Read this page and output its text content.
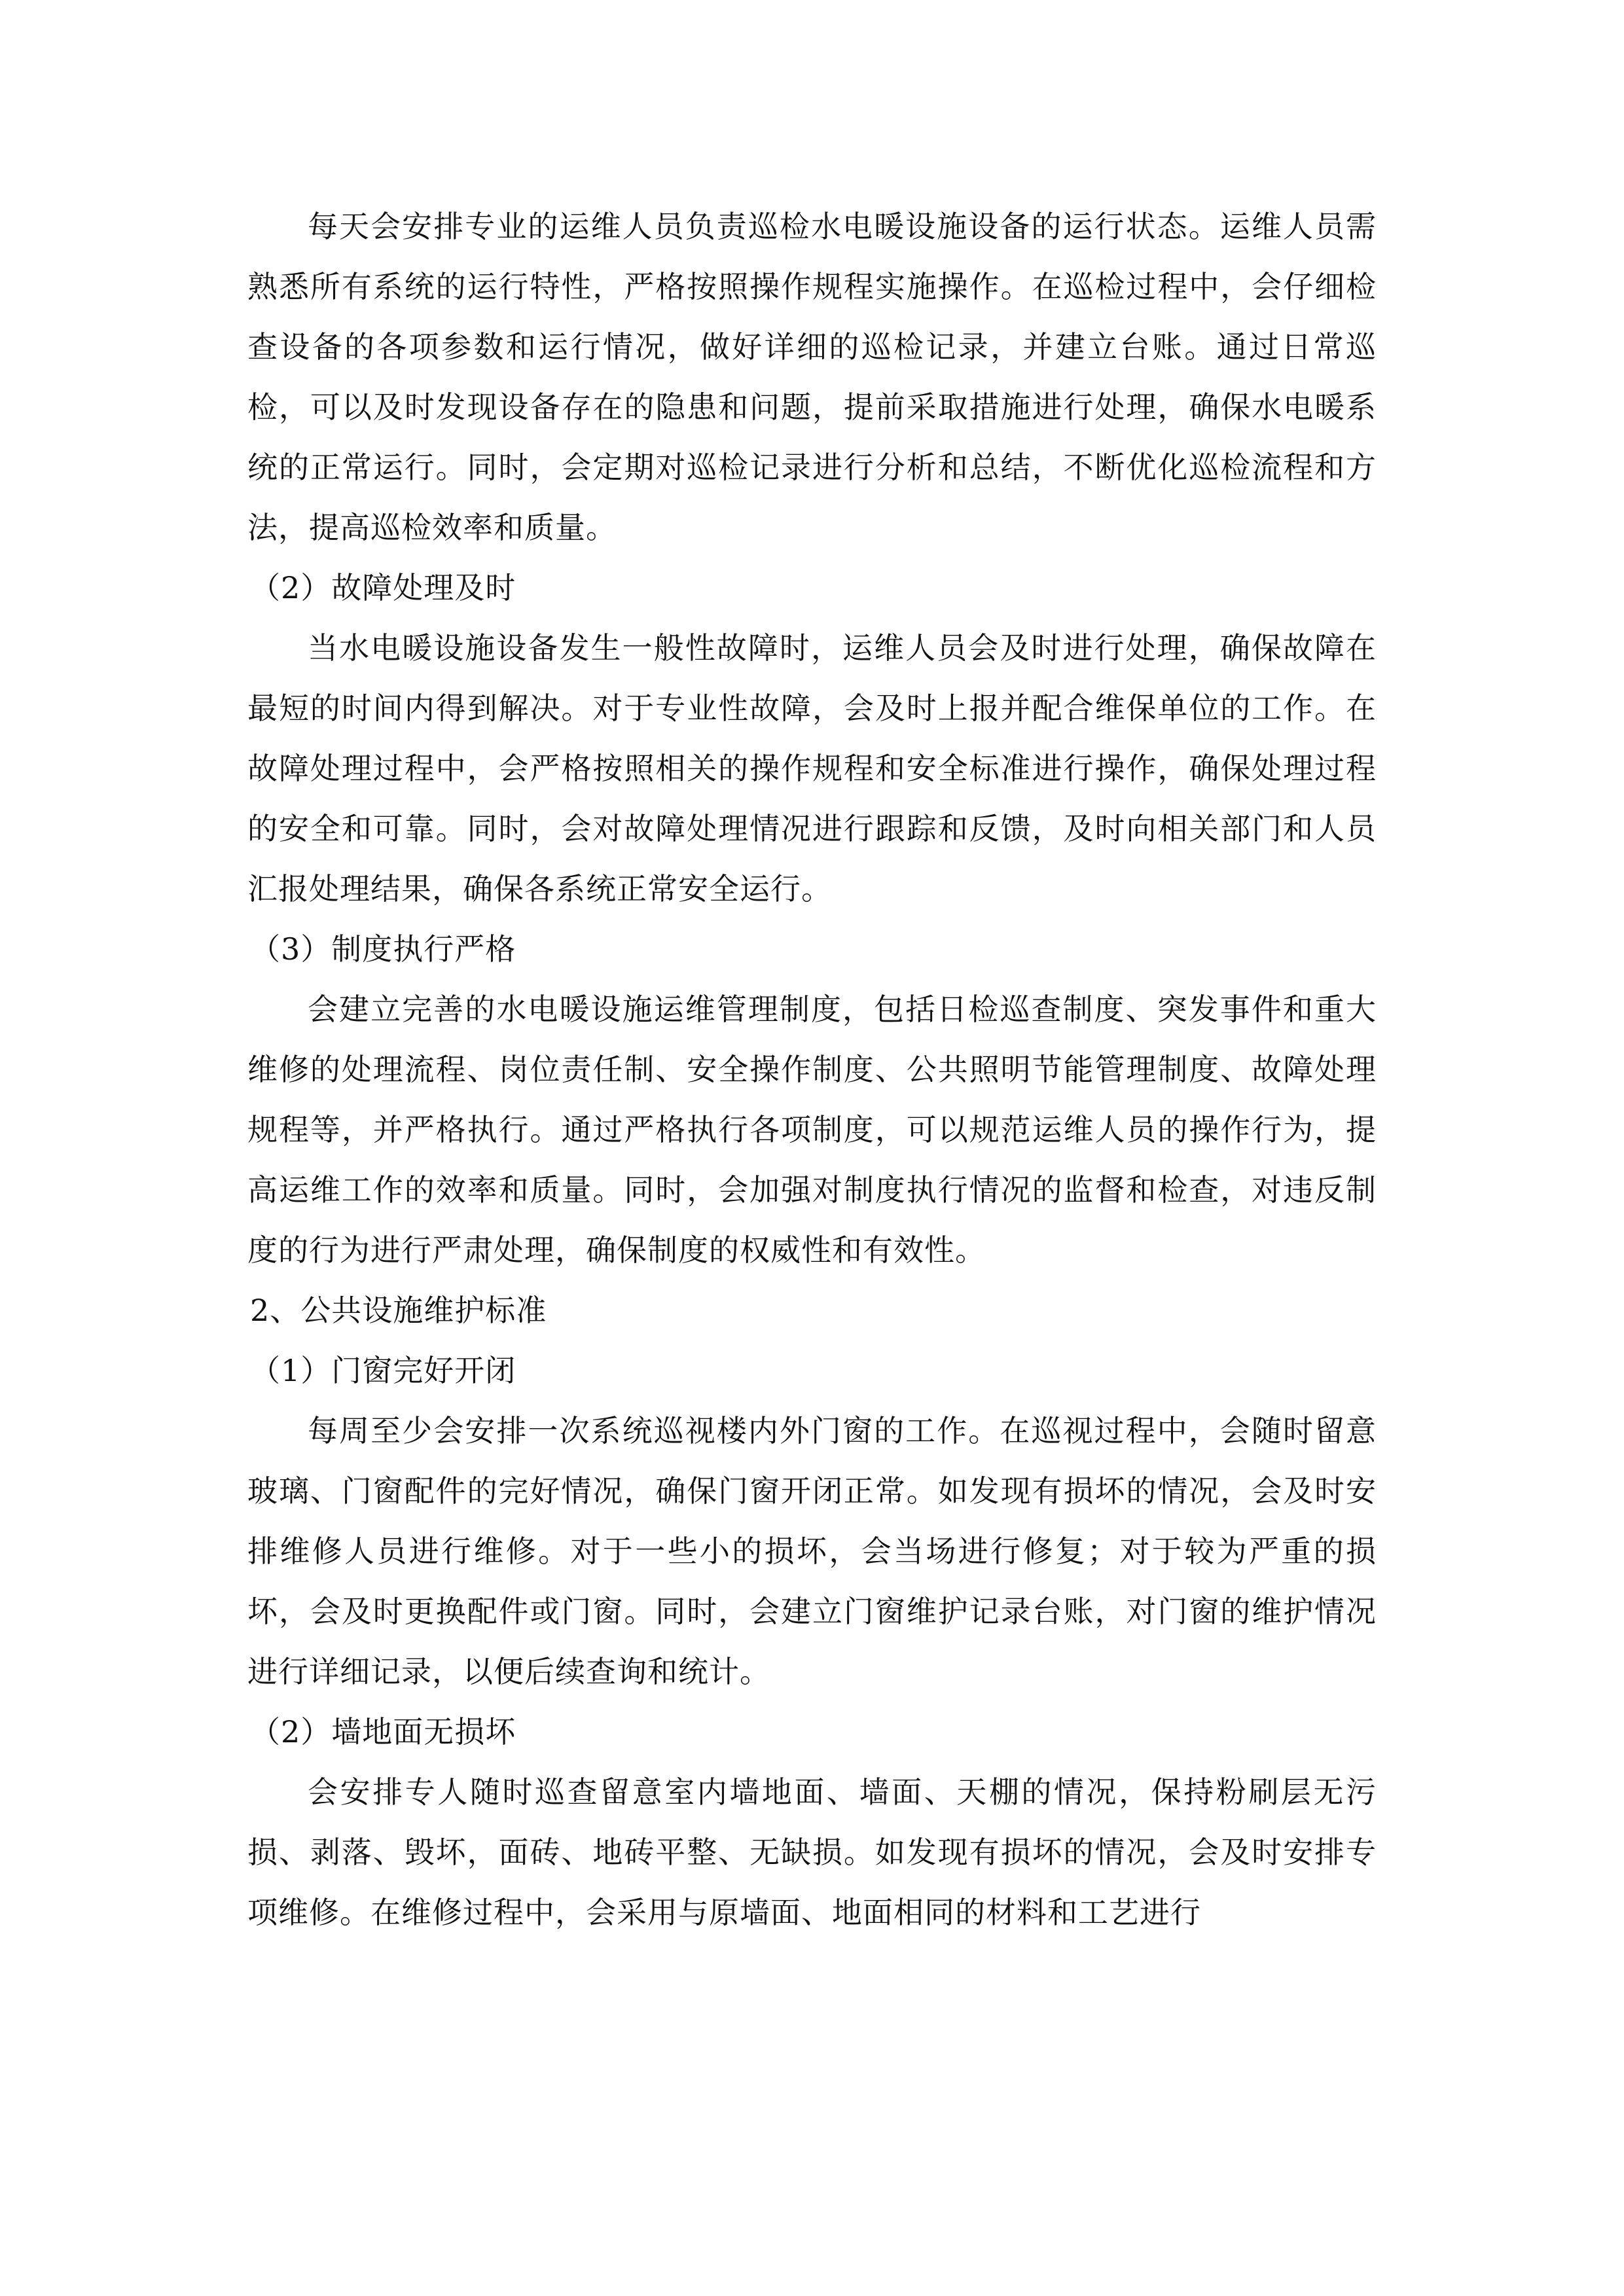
每天会安排专业的运维人员负责巡检水电暖设施设备的运行状态。运维人员需熟悉所有系统的运行特性，严格按照操作规程实施操作。在巡检过程中，会仔细检查设备的各项参数和运行情况，做好详细的巡检记录，并建立台账。通过日常巡检，可以及时发现设备存在的隐患和问题，提前采取措施进行处理，确保水电暖系统的正常运行。同时，会定期对巡检记录进行分析和总结，不断优化巡检流程和方法，提高巡检效率和质量。

（2）故障处理及时

当水电暖设施设备发生一般性故障时，运维人员会及时进行处理，确保故障在最短的时间内得到解决。对于专业性故障，会及时上报并配合维保单位的工作。在故障处理过程中，会严格按照相关的操作规程和安全标准进行操作，确保处理过程的安全和可靠。同时，会对故障处理情况进行跟踪和反馈，及时向相关部门和人员汇报处理结果，确保各系统正常安全运行。

（3）制度执行严格

会建立完善的水电暖设施运维管理制度，包括日检巡查制度、突发事件和重大维修的处理流程、岗位责任制、安全操作制度、公共照明节能管理制度、故障处理规程等，并严格执行。通过严格执行各项制度，可以规范运维人员的操作行为，提高运维工作的效率和质量。同时，会加强对制度执行情况的监督和检查，对违反制度的行为进行严肃处理，确保制度的权威性和有效性。

2、公共设施维护标准

（1）门窗完好开闭

每周至少会安排一次系统巡视楼内外门窗的工作。在巡视过程中，会随时留意玻璃、门窗配件的完好情况，确保门窗开闭正常。如发现有损坏的情况，会及时安排维修人员进行维修。对于一些小的损坏，会当场进行修复；对于较为严重的损坏，会及时更换配件或门窗。同时，会建立门窗维护记录台账，对门窗的维护情况进行详细记录，以便后续查询和统计。

（2）墙地面无损坏

会安排专人随时巡查留意室内墙地面、墙面、天棚的情况，保持粉刷层无污损、剥落、毁坏，面砖、地砖平整、无缺损。如发现有损坏的情况，会及时安排专项维修。在维修过程中，会采用与原墙面、地面相同的材料和工艺进行
